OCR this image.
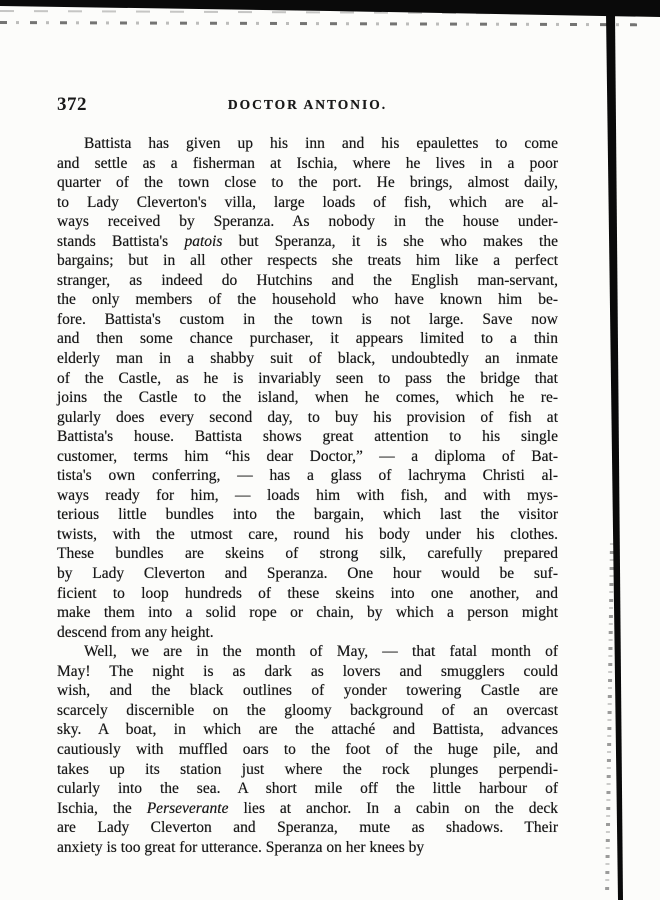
372	DOCTOR ANTONIO.
Battista has given up his inn and his epaulettes to come
and settle as a fisherman at Ischia, where he lives in a poor
quarter of the town close to the port. He brings, almost daily,
to Lady Cleverton's villa, large loads of fish, which are al-
ways received by Speranza. As nobody in the house under-
stands Battista's patois but Speranza, it is she who makes the
bargains; but in all other respects she treats him like a perfect
stranger, as indeed do Hutchins and the English man-servant,
the only members of the household who have known him be-
fore. Battista's custom in the town is not large. Save now
and then some chance purchaser, it appears limited to a thin
elderly man in a shabby suit of black, undoubtedly an inmate
of the Castle, as he is invariably seen to pass the bridge that
joins the Castle to the island, when he comes, which he re-
gularly does every second day, to buy his provision of fish at
Battista's house. Battista shows great attention to his single
customer, terms him “his dear Doctor,” — a diploma of Bat-
tista's own conferring, — has a glass of lachryma Christi al-
ways ready for him, — loads him with fish, and with mys-
terious little bundles into the bargain, which last the visitor
twists, with the utmost care, round his body under his clothes.
These bundles are skeins of strong silk, carefully prepared
by Lady Cleverton and Speranza. One hour would be suf-
ficient to loop hundreds of these skeins into one another, and
make them into a solid rope or chain, by which a person might
descend from any height.
Well, we are in the month of May, — that fatal month of
May! The night is as dark as lovers and smugglers could
wish, and the black outlines of yonder towering Castle are
scarcely discernible on the gloomy background of an overcast
sky. A boat, in which are the attaché and Battista, advances
cautiously with muffled oars to the foot of the huge pile, and
takes up its station just where the rock plunges perpendi-
cularly into the sea. A short mile off the little harbour of
Ischia, the Perseverante lies at anchor. In a cabin on the deck
are Lady Cleverton and Speranza, mute as shadows. Their
anxiety is too great for utterance. Speranza on her knees by
